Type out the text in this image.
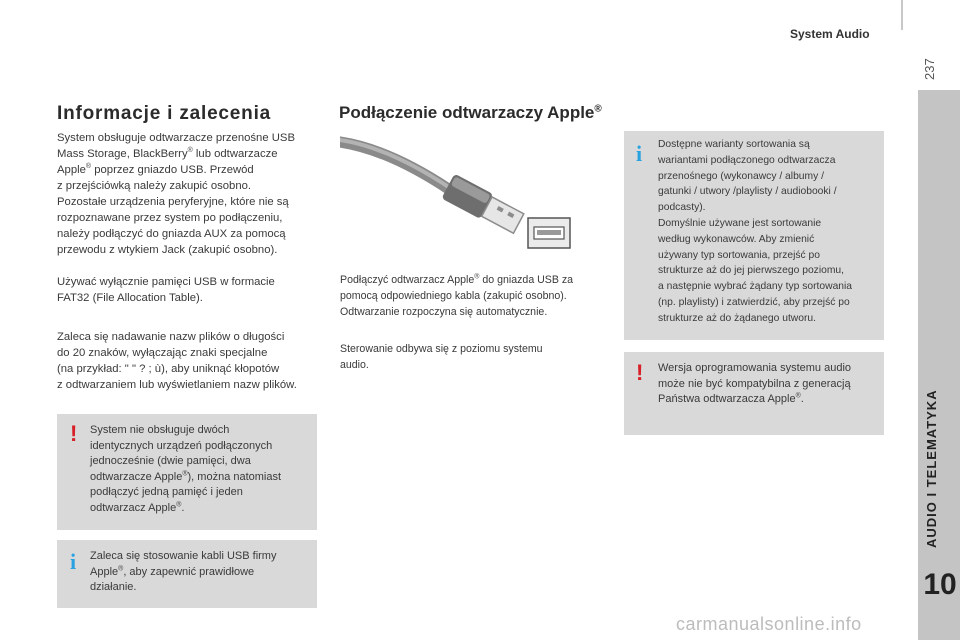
System Audio
237
AUDIO I TELEMATYKA
10
Informacje i zalecenia
System obsługuje odtwarzacze przenośne USB
Mass Storage, BlackBerry® lub odtwarzacze
Apple® poprzez gniazdo USB. Przewód
z przejściówką należy zakupić osobno.
Pozostałe urządzenia peryferyjne, które nie są
rozpoznawane przez system po podłączeniu,
należy podłączyć do gniazda AUX za pomocą
przewodu z wtykiem Jack (zakupić osobno).
Używać wyłącznie pamięci USB w formacie
FAT32 (File Allocation Table).
Zaleca się nadawanie nazw plików o długości
do 20 znaków, wyłączając znaki specjalne
(na przykład: " " ? ; ù), aby uniknąć kłopotów
z odtwarzaniem lub wyświetlaniem nazw plików.
! System nie obsługuje dwóch
identycznych urządzeń podłączonych
jednocześnie (dwie pamięci, dwa
odtwarzacze Apple®), można natomiast
podłączyć jedną pamięć i jeden
odtwarzacz Apple®.
i Zaleca się stosowanie kabli USB firmy
Apple®, aby zapewnić prawidłowe
działanie.
Podłączenie odtwarzaczy Apple®
Podłączyć odtwarzacz Apple® do gniazda USB za
pomocą odpowiedniego kabla (zakupić osobno).
Odtwarzanie rozpoczyna się automatycznie.
Sterowanie odbywa się z poziomu systemu
audio.
i Dostępne warianty sortowania są
wariantami podłączonego odtwarzacza
przenośnego (wykonawcy / albumy /
gatunki / utwory /playlisty / audiobooki /
podcasty).
Domyślnie używane jest sortowanie
według wykonawców. Aby zmienić
używany typ sortowania, przejść po
strukturze aż do jej pierwszego poziomu,
a następnie wybrać żądany typ sortowania
(np. playlisty) i zatwierdzić, aby przejść po
strukturze aż do żądanego utworu.
! Wersja oprogramowania systemu audio
może nie być kompatybilna z generacją
Państwa odtwarzacza Apple®.
carmanualsonline.info
